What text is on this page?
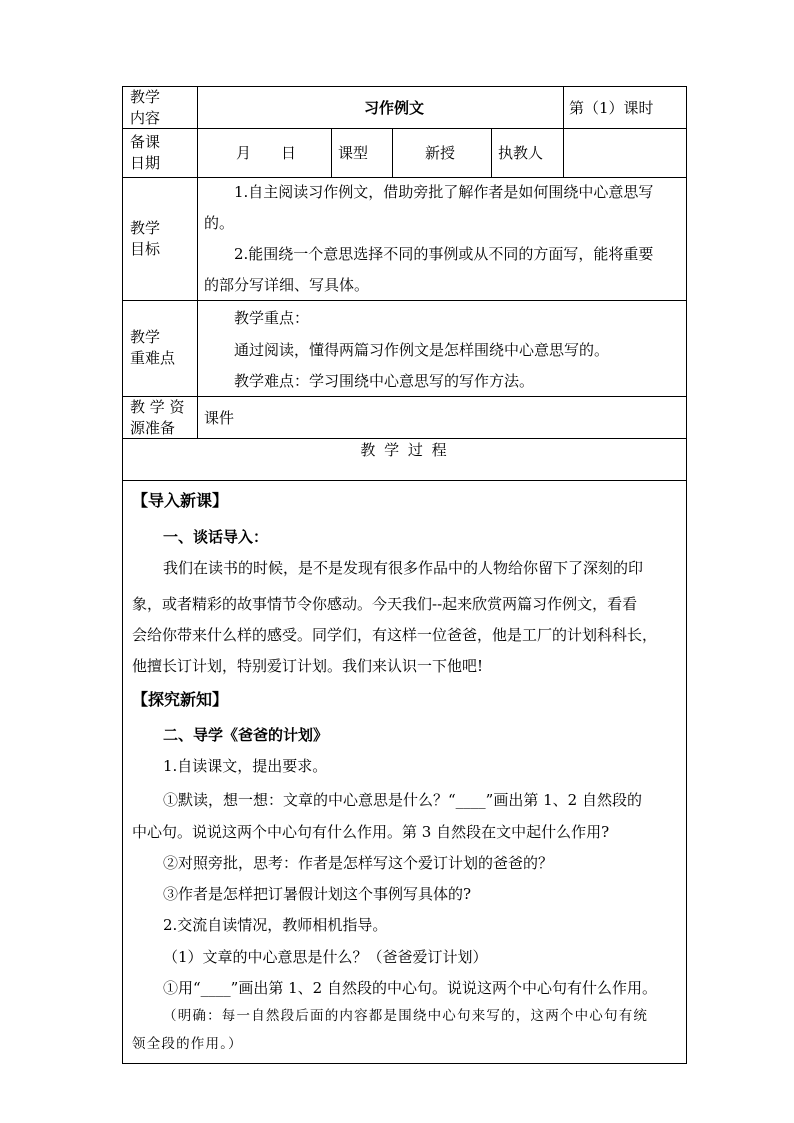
教学
内容
习作例文	第（1）课时
备课
日期
月　　日	课型	新授	执教人
教学
目标
1.自主阅读习作例文，借助旁批了解作者是如何围绕中心意思写
的。
2.能围绕一个意思选择不同的事例或从不同的方面写，能将重要
的部分写详细、写具体。
教学
重难点
教学重点：
通过阅读，懂得两篇习作例文是怎样围绕中心意思写的。
教学难点：学习围绕中心意思写的写作方法。
教 学 资
源准备
课件
教 学 过 程
【导入新课】
一、谈话导入：
我们在读书的时候，是不是发现有很多作品中的人物给你留下了深刻的印
象，或者精彩的故事情节令你感动。今天我们--起来欣赏两篇习作例文，看看
会给你带来什么样的感受。同学们，有这样一位爸爸，他是工厂的计划科科长，
他擅长订计划，特别爱订计划。我们来认识一下他吧!
【探究新知】
二、导学《爸爸的计划》
1.自读课文，提出要求。
①默读，想一想：文章的中心意思是什么？“____”画出第 1、2 自然段的
中心句。说说这两个中心句有什么作用。第 3 自然段在文中起什么作用?
②对照旁批，思考：作者是怎样写这个爱订计划的爸爸的？
③作者是怎样把订暑假计划这个事例写具体的?
2.交流自读情况，教师相机指导。
（1）文章的中心意思是什么？（爸爸爱订计划）
①用“____”画出第 1、2 自然段的中心句。说说这两个中心句有什么作用。
（明确：每一自然段后面的内容都是围绕中心句来写的，这两个中心句有统
领全段的作用。）
